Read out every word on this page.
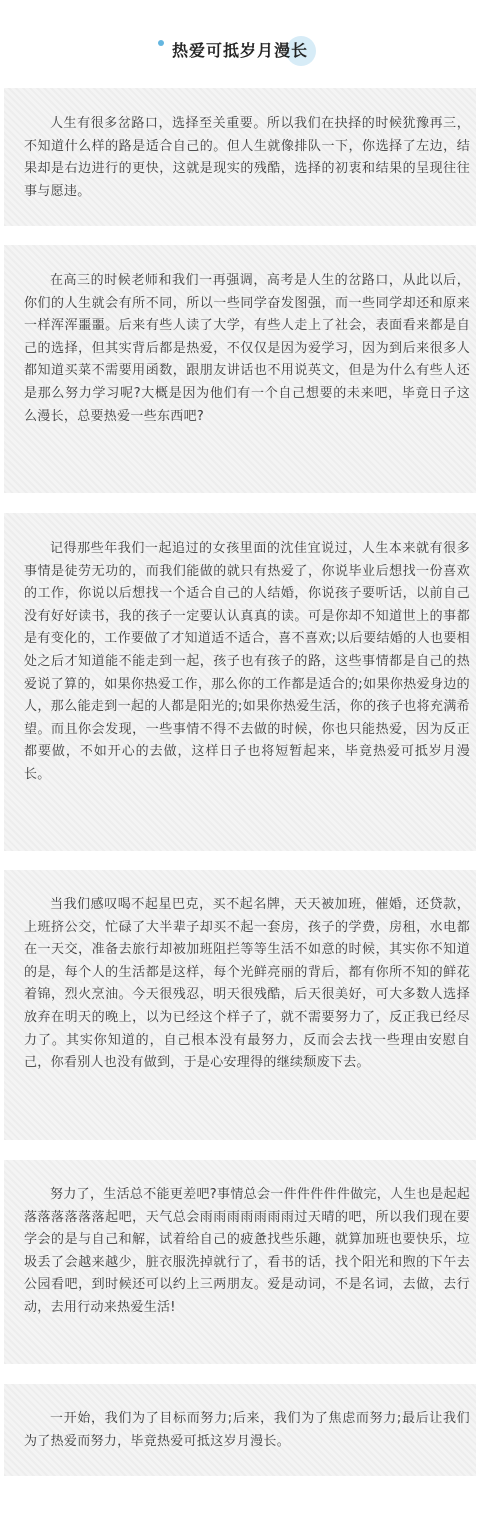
热爱可抵岁月漫长

人生有很多岔路口，选择至关重要。所以我们在抉择的时候犹豫再三，不知道什么样的路是适合自己的。但人生就像排队一下，你选择了左边，结果却是右边进行的更快，这就是现实的残酷，选择的初衷和结果的呈现往往事与愿违。

在高三的时候老师和我们一再强调，高考是人生的岔路口，从此以后，你们的人生就会有所不同，所以一些同学奋发图强，而一些同学却还和原来一样浑浑噩噩。后来有些人读了大学，有些人走上了社会，表面看来都是自己的选择，但其实背后都是热爱，不仅仅是因为爱学习，因为到后来很多人都知道买菜不需要用函数，跟朋友讲话也不用说英文，但是为什么有些人还是那么努力学习呢?大概是因为他们有一个自己想要的未来吧，毕竟日子这么漫长，总要热爱一些东西吧?

记得那些年我们一起追过的女孩里面的沈佳宜说过，人生本来就有很多事情是徒劳无功的，而我们能做的就只有热爱了，你说毕业后想找一份喜欢的工作，你说以后想找一个适合自己的人结婚，你说孩子要听话，以前自己没有好好读书，我的孩子一定要认认真真的读。可是你却不知道世上的事都是有变化的，工作要做了才知道适不适合，喜不喜欢;以后要结婚的人也要相处之后才知道能不能走到一起，孩子也有孩子的路，这些事情都是自己的热爱说了算的，如果你热爱工作，那么你的工作都是适合的;如果你热爱身边的人，那么能走到一起的人都是阳光的;如果你热爱生活，你的孩子也将充满希望。而且你会发现，一些事情不得不去做的时候，你也只能热爱，因为反正都要做，不如开心的去做，这样日子也将短暂起来，毕竟热爱可抵岁月漫长。

当我们感叹喝不起星巴克，买不起名牌，天天被加班，催婚，还贷款，上班挤公交，忙碌了大半辈子却买不起一套房，孩子的学费，房租，水电都在一天交，准备去旅行却被加班阻拦等等生活不如意的时候，其实你不知道的是，每个人的生活都是这样，每个光鲜亮丽的背后，都有你所不知的鲜花着锦，烈火烹油。今天很残忍，明天很残酷，后天很美好，可大多数人选择放弃在明天的晚上，以为已经这个样子了，就不需要努力了，反正我已经尽力了。其实你知道的，自己根本没有最努力，反而会去找一些理由安慰自己，你看别人也没有做到，于是心安理得的继续颓废下去。

努力了，生活总不能更差吧?事情总会一件件件件件做完，人生也是起起落落落落落落起吧，天气总会雨雨雨雨雨雨雨过天晴的吧，所以我们现在要学会的是与自己和解，试着给自己的疲惫找些乐趣，就算加班也要快乐，垃圾丢了会越来越少，脏衣服洗掉就行了，看书的话，找个阳光和煦的下午去公园看吧，到时候还可以约上三两朋友。爱是动词，不是名词，去做，去行动，去用行动来热爱生活!

一开始，我们为了目标而努力;后来，我们为了焦虑而努力;最后让我们为了热爱而努力，毕竟热爱可抵这岁月漫长。
